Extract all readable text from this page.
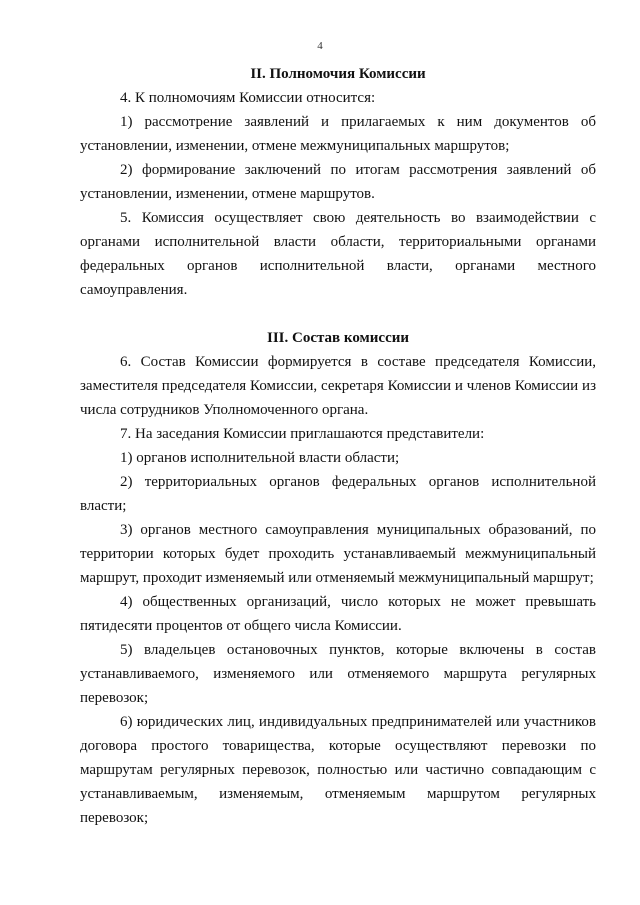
4
II. Полномочия Комиссии

4. К полномочиям Комиссии относится:

1) рассмотрение заявлений и прилагаемых к ним документов об установлении, изменении, отмене межмуниципальных маршрутов;

2) формирование заключений по итогам рассмотрения заявлений об установлении, изменении, отмене маршрутов.

5. Комиссия осуществляет свою деятельность во взаимодействии с органами исполнительной власти области, территориальными органами федеральных органов исполнительной власти, органами местного самоуправления.

III. Состав комиссии

6. Состав Комиссии формируется в составе председателя Комиссии, заместителя председателя Комиссии, секретаря Комиссии и членов Комиссии из числа сотрудников Уполномоченного органа.

7. На заседания Комиссии приглашаются представители:

1) органов исполнительной власти области;

2) территориальных органов федеральных органов исполнительной власти;

3) органов местного самоуправления муниципальных образований, по территории которых будет проходить устанавливаемый межмуниципальный маршрут, проходит изменяемый или отменяемый межмуниципальный маршрут;

4) общественных организаций, число которых не может превышать пятидесяти процентов от общего числа Комиссии.

5) владельцев остановочных пунктов, которые включены в состав устанавливаемого, изменяемого или отменяемого маршрута регулярных перевозок;

6) юридических лиц, индивидуальных предпринимателей или участников договора простого товарищества, которые осуществляют перевозки по маршрутам регулярных перевозок, полностью или частично совпадающим с устанавливаемым, изменяемым, отменяемым маршрутом регулярных перевозок;
